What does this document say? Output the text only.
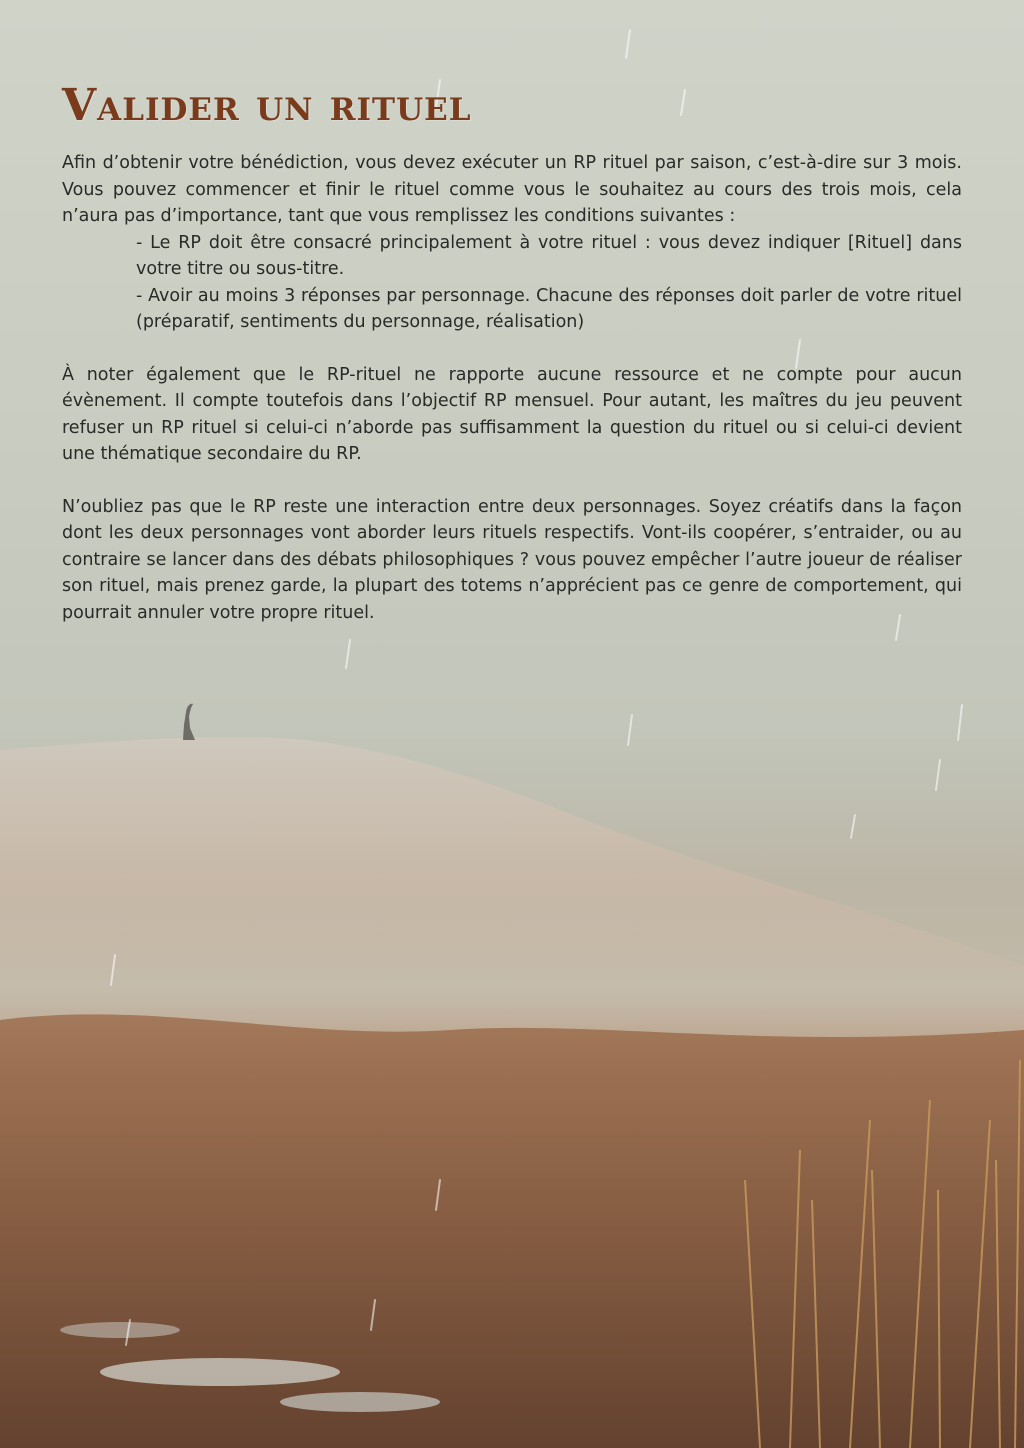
Valider un rituel

Afin d’obtenir votre bénédiction, vous devez exécuter un RP rituel par saison, c’est-à-dire sur 3 mois. Vous pouvez commencer et finir le rituel comme vous le souhaitez au cours des trois mois, cela n’aura pas d’importance, tant que vous remplissez les conditions suivantes :

- Le RP doit être consacré principalement à votre rituel : vous devez indiquer [Rituel] dans votre titre ou sous-titre.

- Avoir au moins 3 réponses par personnage. Chacune des réponses doit parler de votre rituel (préparatif, sentiments du personnage, réalisation)

À noter également que le RP-rituel ne rapporte aucune ressource et ne compte pour aucun évènement. Il compte toutefois dans l’objectif RP mensuel. Pour autant, les maîtres du jeu peuvent refuser un RP rituel si celui-ci n’aborde pas suffisamment la question du rituel ou si celui-ci devient une thématique secondaire du RP.

N’oubliez pas que le RP reste une interaction entre deux personnages. Soyez créatifs dans la façon dont les deux personnages vont aborder leurs rituels respectifs. Vont-ils coopérer, s’entraider, ou au contraire se lancer dans des débats philosophiques ? vous pouvez empêcher l’autre joueur de réaliser son rituel, mais prenez garde, la plupart des totems n’apprécient pas ce genre de comportement, qui pourrait annuler votre propre rituel.
